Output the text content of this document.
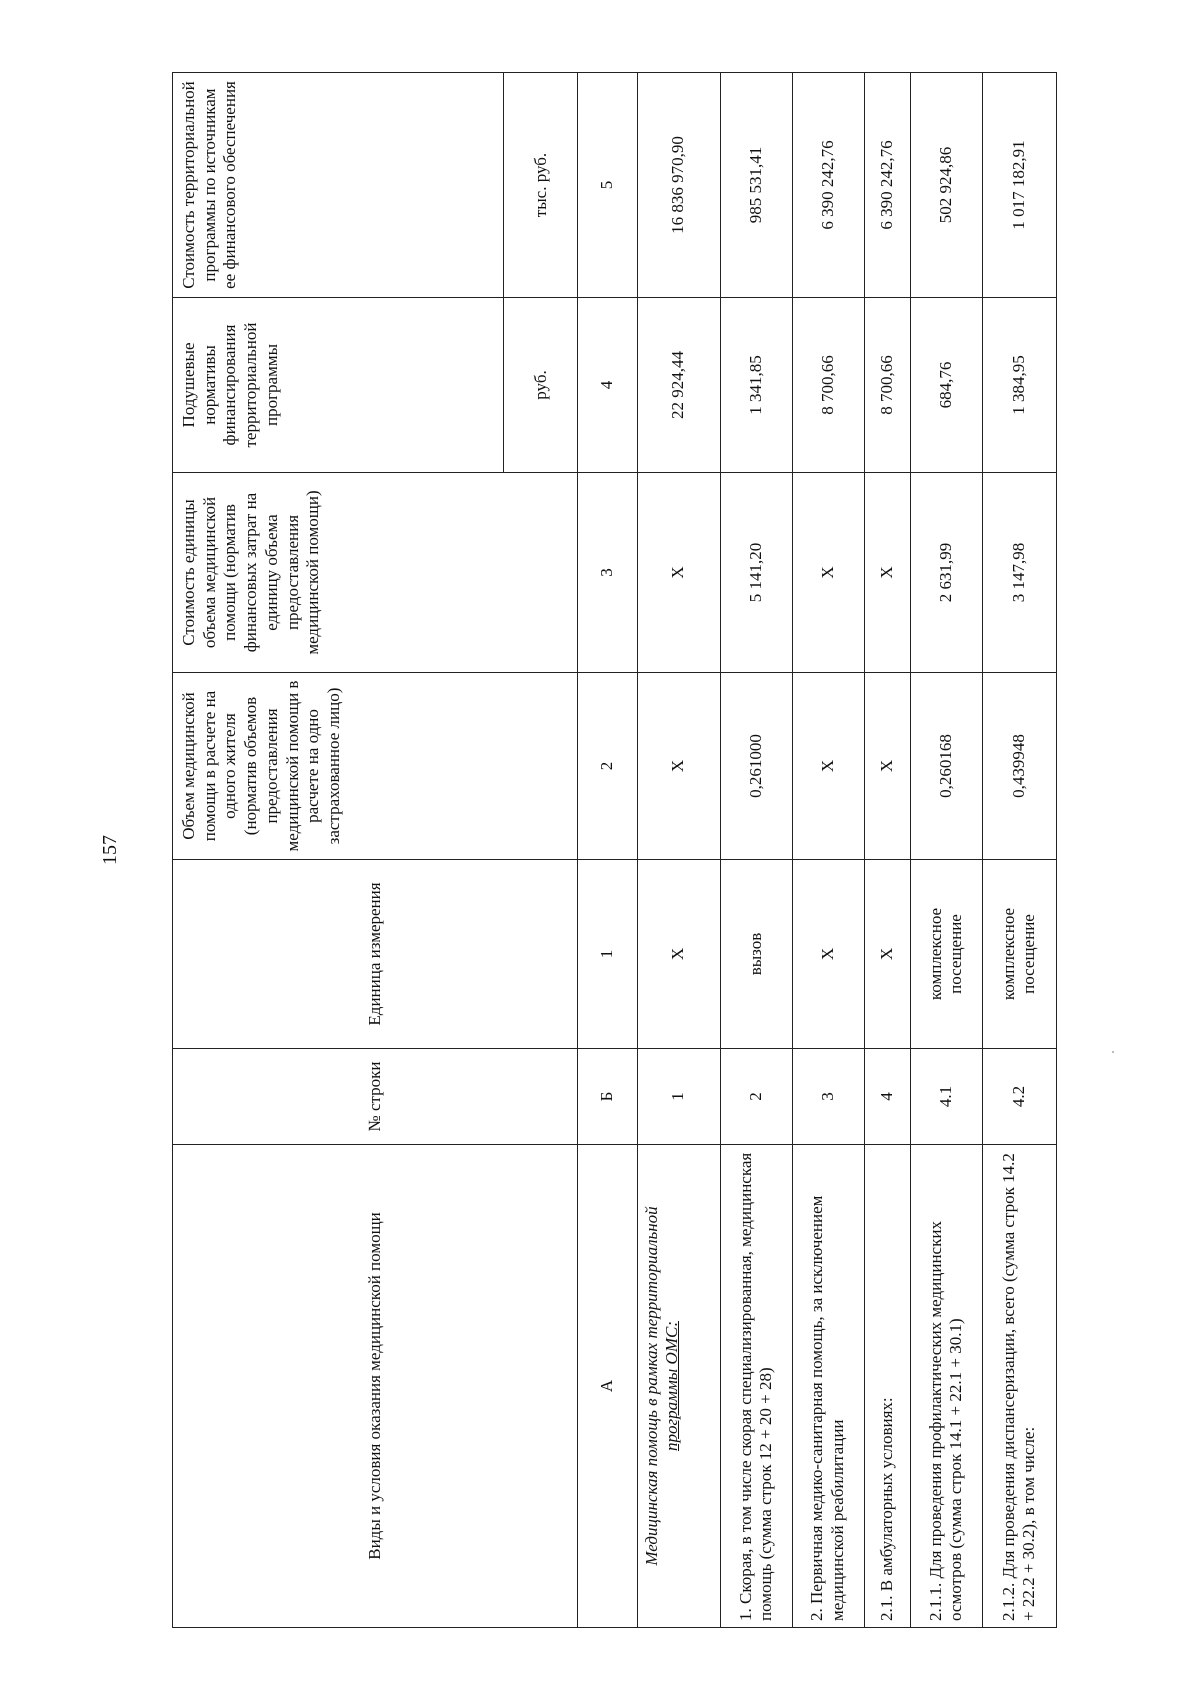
157
Виды и условия оказания медицинской помощи	№ строки	Единица измерения	Объем медицинской помощи в расчете на одного жителя (норматив объемов предоставления медицинской помощи в расчете на одно застрахованное лицо)	Стоимость единицы объема медицинской помощи (норматив финансовых затрат на единицу объема предоставления медицинской помощи)	Подушевые нормативы финансирования территориальной программы	Стоимость территориальной программы по источникам ее финансового обеспечения
					руб.	тыс. руб.
А	Б	1	2	3	4	5
Медицинская помощь в рамках территориальной
программы ОМС:	1	Х	Х	Х	22 924,44	16 836 970,90
1. Скорая, в том числе скорая специализированная, медицинская помощь (сумма строк 12 + 20 + 28)	2	вызов	0,261000	5 141,20	1 341,85	985 531,41
2. Первичная медико-санитарная помощь, за исключением медицинской реабилитации	3	Х	Х	Х	8 700,66	6 390 242,76
2.1. В амбулаторных условиях:	4	Х	Х	Х	8 700,66	6 390 242,76
2.1.1. Для проведения профилактических медицинских осмотров (сумма строк 14.1 + 22.1 + 30.1)	4.1	комплексное посещение	0,260168	2 631,99	684,76	502 924,86
2.1.2. Для проведения диспансеризации, всего (сумма строк 14.2 + 22.2 + 30.2), в том числе:	4.2	комплексное посещение	0,439948	3 147,98	1 384,95	1 017 182,91
